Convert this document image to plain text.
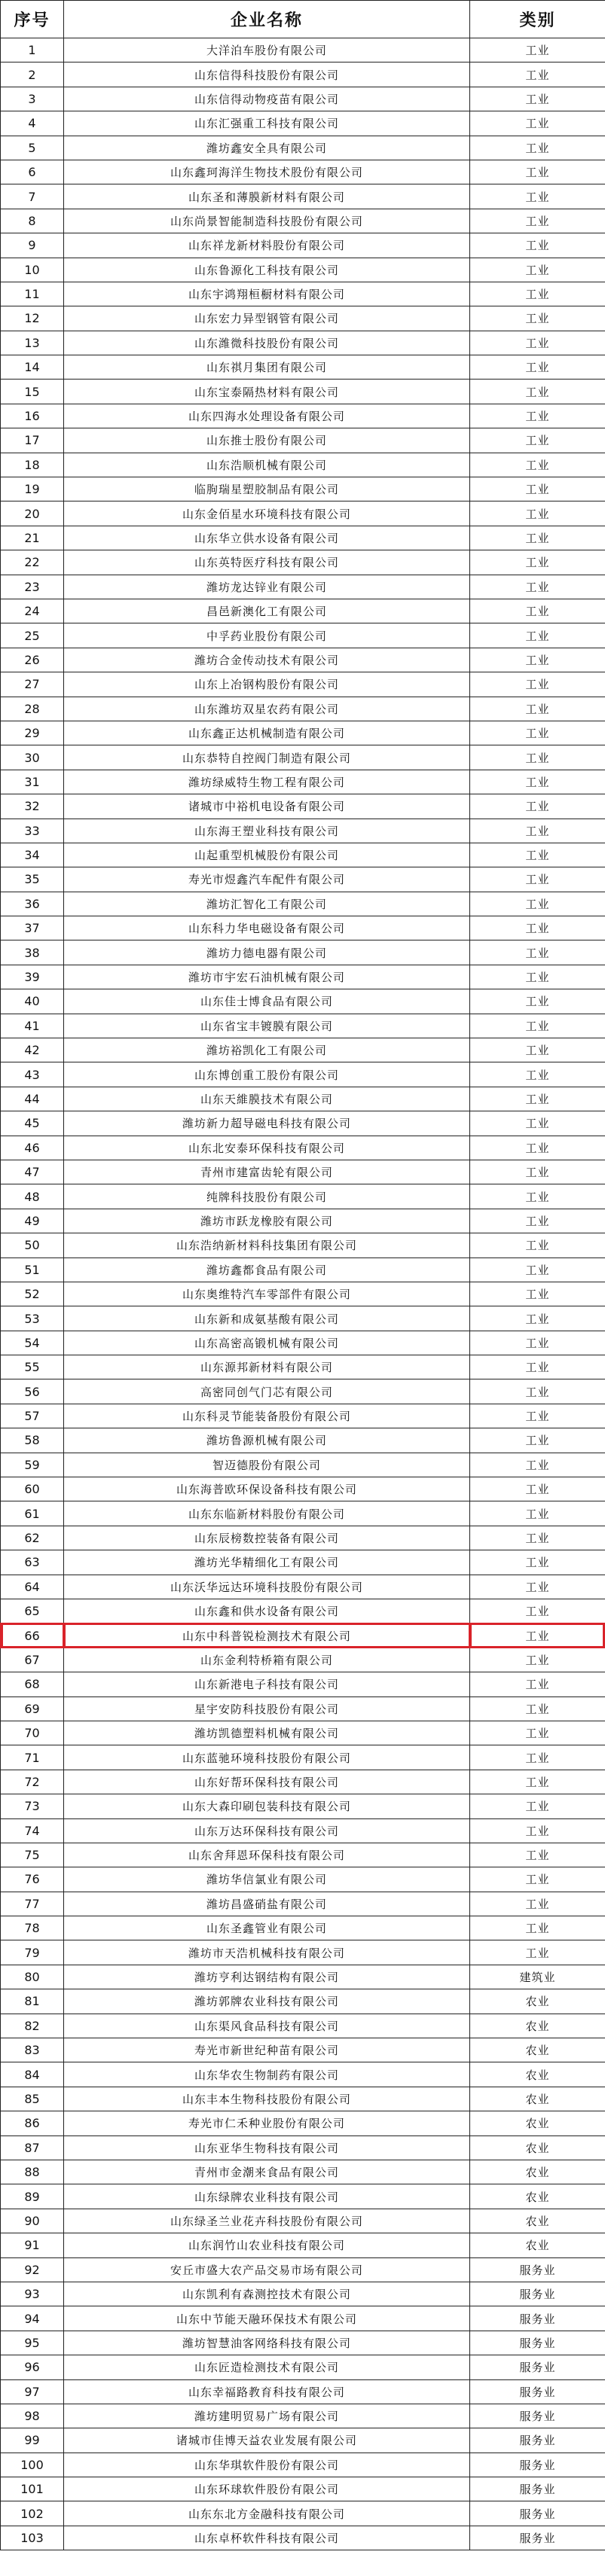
序号	企业名称	类别
1	大洋泊车股份有限公司	工业
2	山东信得科技股份有限公司	工业
3	山东信得动物疫苗有限公司	工业
4	山东汇强重工科技有限公司	工业
5	潍坊鑫安全具有限公司	工业
6	山东鑫珂海洋生物技术股份有限公司	工业
7	山东圣和薄膜新材料有限公司	工业
8	山东尚景智能制造科技股份有限公司	工业
9	山东祥龙新材料股份有限公司	工业
10	山东鲁源化工科技有限公司	工业
11	山东宇鸿翔桓橱材料有限公司	工业
12	山东宏力异型钢管有限公司	工业
13	山东潍微科技股份有限公司	工业
14	山东祺月集团有限公司	工业
15	山东宝泰隔热材料有限公司	工业
16	山东四海水处理设备有限公司	工业
17	山东推士股份有限公司	工业
18	山东浩顺机械有限公司	工业
19	临朐瑞星塑胶制品有限公司	工业
20	山东金佰星水环境科技有限公司	工业
21	山东华立供水设备有限公司	工业
22	山东英特医疗科技有限公司	工业
23	潍坊龙达锌业有限公司	工业
24	昌邑新澳化工有限公司	工业
25	中孚药业股份有限公司	工业
26	潍坊合金传动技术有限公司	工业
27	山东上冶钢构股份有限公司	工业
28	山东潍坊双星农药有限公司	工业
29	山东鑫正达机械制造有限公司	工业
30	山东恭特自控阀门制造有限公司	工业
31	潍坊绿威特生物工程有限公司	工业
32	诸城市中裕机电设备有限公司	工业
33	山东海王塑业科技有限公司	工业
34	山起重型机械股份有限公司	工业
35	寿光市煜鑫汽车配件有限公司	工业
36	潍坊汇智化工有限公司	工业
37	山东科力华电磁设备有限公司	工业
38	潍坊力德电器有限公司	工业
39	潍坊市宇宏石油机械有限公司	工业
40	山东佳士博食品有限公司	工业
41	山东省宝丰镀膜有限公司	工业
42	潍坊裕凯化工有限公司	工业
43	山东博创重工股份有限公司	工业
44	山东天維膜技术有限公司	工业
45	潍坊新力超导磁电科技有限公司	工业
46	山东北安泰环保科技有限公司	工业
47	青州市建富齿轮有限公司	工业
48	纯牌科技股份有限公司	工业
49	潍坊市跃龙橡胶有限公司	工业
50	山东浩纳新材料科技集团有限公司	工业
51	潍坊鑫都食品有限公司	工业
52	山东奥维特汽车零部件有限公司	工业
53	山东新和成氨基酸有限公司	工业
54	山东高密高锻机械有限公司	工业
55	山东源邦新材料有限公司	工业
56	高密同创气门芯有限公司	工业
57	山东科灵节能装备股份有限公司	工业
58	潍坊鲁源机械有限公司	工业
59	智迈德股份有限公司	工业
60	山东海普欧环保设备科技有限公司	工业
61	山东东临新材料股份有限公司	工业
62	山东辰榜数控装备有限公司	工业
63	潍坊光华精细化工有限公司	工业
64	山东沃华远达环境科技股份有限公司	工业
65	山东鑫和供水设备有限公司	工业
66	山东中科普锐检测技术有限公司	工业
67	山东金利特桥箱有限公司	工业
68	山东新港电子科技有限公司	工业
69	星宇安防科技股份有限公司	工业
70	潍坊凯德塑料机械有限公司	工业
71	山东蓝驰环境科技股份有限公司	工业
72	山东好帮环保科技有限公司	工业
73	山东大森印刷包装科技有限公司	工业
74	山东万达环保科技有限公司	工业
75	山东舍拜恩环保科技有限公司	工业
76	潍坊华信氯业有限公司	工业
77	潍坊昌盛硝盐有限公司	工业
78	山东圣鑫管业有限公司	工业
79	潍坊市天浩机械科技有限公司	工业
80	潍坊亨利达钢结构有限公司	建筑业
81	潍坊郭牌农业科技有限公司	农业
82	山东渠风食品科技有限公司	农业
83	寿光市新世纪种苗有限公司	农业
84	山东华农生物制药有限公司	农业
85	山东丰本生物科技股份有限公司	农业
86	寿光市仁禾种业股份有限公司	农业
87	山东亚华生物科技有限公司	农业
88	青州市金潮来食品有限公司	农业
89	山东绿牌农业科技有限公司	农业
90	山东绿圣兰业花卉科技股份有限公司	农业
91	山东润竹山农业科技有限公司	农业
92	安丘市盛大农产品交易市场有限公司	服务业
93	山东凯利有森测控技术有限公司	服务业
94	山东中节能天融环保技术有限公司	服务业
95	潍坊智慧油客网络科技有限公司	服务业
96	山东匠造检测技术有限公司	服务业
97	山东幸福路教育科技有限公司	服务业
98	潍坊建明贸易广场有限公司	服务业
99	诸城市佳博天益农业发展有限公司	服务业
100	山东华琪软件股份有限公司	服务业
101	山东环球软件股份有限公司	服务业
102	山东东北方金融科技有限公司	服务业
103	山东卓杯软件科技有限公司	服务业
